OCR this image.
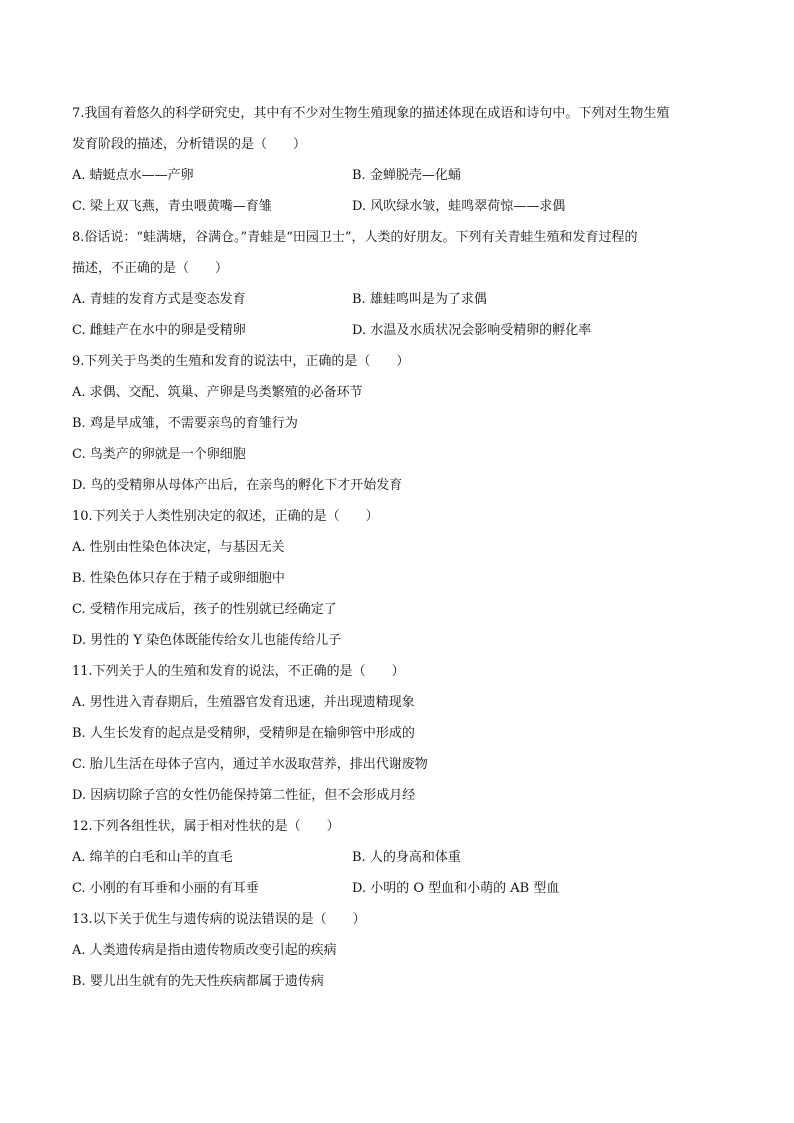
7.我国有着悠久的科学研究史，其中有不少对生物生殖现象的描述体现在成语和诗句中。下列对生物生殖
发育阶段的描述，分析错误的是（　　）
A. 蜻蜓点水——产卵	B. 金蝉脱壳—化蛹
C. 梁上双飞燕，青虫喂黄嘴—育雏	D. 风吹绿水皱，蛙鸣翠荷惊——求偶
8.俗话说：“蛙满塘，谷满仓。”青蛙是“田园卫士”，人类的好朋友。下列有关青蛙生殖和发育过程的
描述，不正确的是（　　）
A. 青蛙的发育方式是变态发育	B. 雄蛙鸣叫是为了求偶
C. 雌蛙产在水中的卵是受精卵	D. 水温及水质状况会影响受精卵的孵化率
9.下列关于鸟类的生殖和发育的说法中，正确的是（　　）
A. 求偶、交配、筑巢、产卵是鸟类繁殖的必备环节
B. 鸡是早成雏，不需要亲鸟的育雏行为
C. 鸟类产的卵就是一个卵细胞
D. 鸟的受精卵从母体产出后，在亲鸟的孵化下才开始发育
10.下列关于人类性别决定的叙述，正确的是（　　）
A. 性别由性染色体决定，与基因无关
B. 性染色体只存在于精子或卵细胞中
C. 受精作用完成后，孩子的性别就已经确定了
D. 男性的 Y 染色体既能传给女儿也能传给儿子
11.下列关于人的生殖和发育的说法，不正确的是（　　）
A. 男性进入青春期后，生殖器官发育迅速，并出现遗精现象
B. 人生长发育的起点是受精卵，受精卵是在输卵管中形成的
C. 胎儿生活在母体子宫内，通过羊水汲取营养，排出代谢废物
D. 因病切除子宫的女性仍能保持第二性征，但不会形成月经
12.下列各组性状，属于相对性状的是（　　）
A. 绵羊的白毛和山羊的直毛	B. 人的身高和体重
C. 小刚的有耳垂和小丽的有耳垂	D. 小明的 O 型血和小萌的 AB 型血
13.以下关于优生与遗传病的说法错误的是（　　）
A. 人类遗传病是指由遗传物质改变引起的疾病
B. 婴儿出生就有的先天性疾病都属于遗传病
